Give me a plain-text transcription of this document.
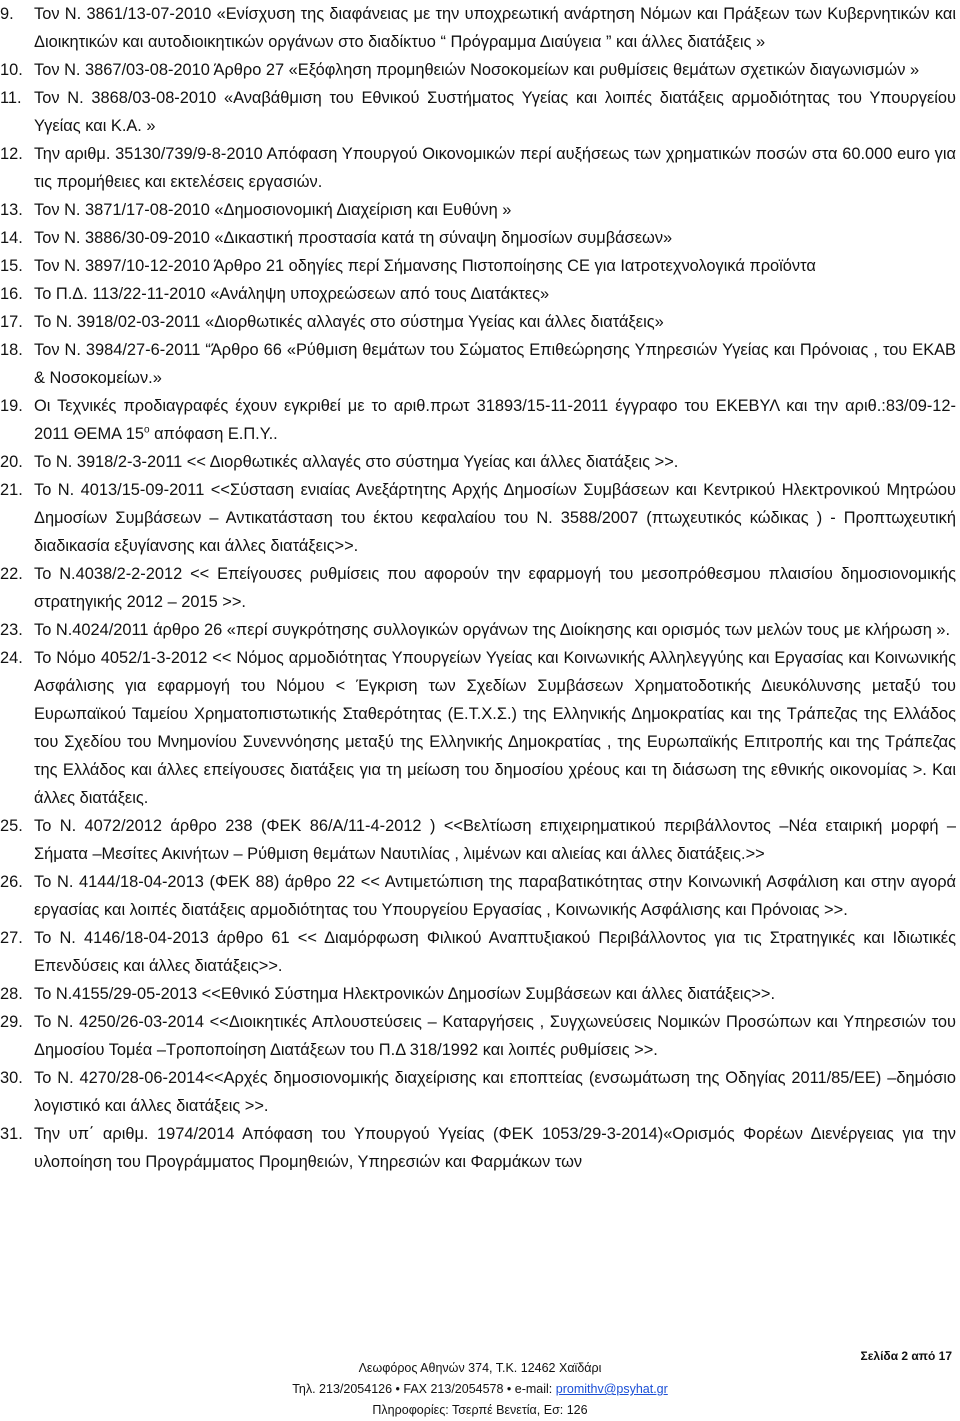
9.	Τον Ν. 3861/13-07-2010 «Ενίσχυση της διαφάνειας με την υποχρεωτική ανάρτηση Νόμων και Πράξεων των Κυβερνητικών και Διοικητικών και αυτοδιοικητικών οργάνων στο διαδίκτυο “ Πρόγραμμα Διαύγεια ” και άλλες διατάξεις »
10. Τον Ν. 3867/03-08-2010 Άρθρο 27 «Εξόφληση προμηθειών Νοσοκομείων και ρυθμίσεις θεμάτων σχετικών διαγωνισμών »
11. Τον Ν. 3868/03-08-2010 «Αναβάθμιση του Εθνικού Συστήματος Υγείας και λοιπές διατάξεις αρμοδιότητας του Υπουργείου Υγείας και Κ.Α. »
12. Την αριθμ. 35130/739/9-8-2010 Απόφαση Υπουργού Οικονομικών περί αυξήσεως των χρηματικών ποσών στα 60.000 euro για τις προμήθειες και εκτελέσεις εργασιών.
13. Τον Ν. 3871/17-08-2010 «Δημοσιονομική Διαχείριση και Ευθύνη »
14. Τον Ν. 3886/30-09-2010 «Δικαστική προστασία κατά τη σύναψη δημοσίων συμβάσεων»
15. Τον Ν. 3897/10-12-2010 Άρθρο 21 οδηγίες περί Σήμανσης Πιστοποίησης CE για Ιατροτεχνολογικά προϊόντα
16. Το Π.Δ. 113/22-11-2010 «Ανάληψη υποχρεώσεων από τους Διατάκτες»
17. Το Ν. 3918/02-03-2011 «Διορθωτικές αλλαγές στο σύστημα Υγείας και άλλες διατάξεις»
18. Τον Ν. 3984/27-6-2011 “Άρθρο 66 «Ρύθμιση θεμάτων του Σώματος Επιθεώρησης Υπηρεσιών Υγείας και Πρόνοιας , του ΕΚΑΒ & Νοσοκομείων.»
19. Οι Τεχνικές προδιαγραφές έχουν εγκριθεί με το αριθ.πρωτ 31893/15-11-2011 έγγραφο του ΕΚΕΒΥΛ και την αριθ.:83/09-12-2011 ΘΕΜΑ $15^o$ απόφαση Ε.Π.Υ..
20. Το Ν. 3918/2-3-2011 << Διορθωτικές αλλαγές στο σύστημα Υγείας και άλλες διατάξεις >>.
21. Το Ν. 4013/15-09-2011 <<Σύσταση ενιαίας Ανεξάρτητης Αρχής Δημοσίων Συμβάσεων και Κεντρικού Ηλεκτρονικού Μητρώου Δημοσίων Συμβάσεων – Αντικατάσταση του έκτου κεφαλαίου του Ν. 3588/2007 (πτωχευτικός κώδικας ) - Προπτωχευτική διαδικασία εξυγίανσης και άλλες διατάξεις>>.
22. Το Ν.4038/2-2-2012 << Επείγουσες ρυθμίσεις που αφορούν την εφαρμογή του μεσοπρόθεσμου πλαισίου δημοσιονομικής στρατηγικής 2012 – 2015 >>.
23. Το Ν.4024/2011 άρθρο 26 «περί συγκρότησης συλλογικών οργάνων της Διοίκησης και ορισμός των μελών τους με κλήρωση ».
24. Το Νόμο 4052/1-3-2012 << Νόμος αρμοδιότητας Υπουργείων Υγείας και Κοινωνικής Αλληλεγγύης και Εργασίας και Κοινωνικής Ασφάλισης για εφαρμογή του Νόμου < Έγκριση των Σχεδίων Συμβάσεων Χρηματοδοτικής Διευκόλυνσης μεταξύ του Ευρωπαϊκού Ταμείου Χρηματοπιστωτικής Σταθερότητας (Ε.Τ.Χ.Σ.) της Ελληνικής Δημοκρατίας και της Τράπεζας της Ελλάδος του Σχεδίου του Μνημονίου Συνεννόησης μεταξύ της Ελληνικής Δημοκρατίας , της Ευρωπαϊκής Επιτροπής και της Τράπεζας της Ελλάδος και άλλες επείγουσες διατάξεις για τη μείωση του δημοσίου χρέους και τη διάσωση της εθνικής οικονομίας >. Και άλλες διατάξεις.
25. Το Ν. 4072/2012 άρθρο 238 (ΦΕΚ 86/Α/11-4-2012 ) <<Βελτίωση επιχειρηματικού περιβάλλοντος –Νέα εταιρική μορφή – Σήματα –Μεσίτες Ακινήτων – Ρύθμιση θεμάτων Ναυτιλίας , λιμένων και αλιείας και άλλες διατάξεις.>>
26. Το Ν. 4144/18-04-2013 (ΦΕΚ 88) άρθρο 22 << Αντιμετώπιση της παραβατικότητας στην Κοινωνική Ασφάλιση και στην αγορά εργασίας και λοιπές διατάξεις αρμοδιότητας του Υπουργείου Εργασίας , Κοινωνικής Ασφάλισης και Πρόνοιας >>.
27. Το Ν. 4146/18-04-2013 άρθρο 61 << Διαμόρφωση Φιλικού Αναπτυξιακού Περιβάλλοντος για τις Στρατηγικές και Ιδιωτικές Επενδύσεις και άλλες διατάξεις>>.
28. Το Ν.4155/29-05-2013 <<Εθνικό Σύστημα Ηλεκτρονικών Δημοσίων Συμβάσεων και άλλες διατάξεις>>.
29. Το Ν. 4250/26-03-2014 <<Διοικητικές Απλουστεύσεις – Καταργήσεις , Συγχωνεύσεις Νομικών Προσώπων και Υπηρεσιών του Δημοσίου Τομέα –Τροποποίηση Διατάξεων του Π.Δ 318/1992 και λοιπές ρυθμίσεις >>.
30. Το Ν. 4270/28-06-2014<<Αρχές δημοσιονομικής διαχείρισης και εποπτείας (ενσωμάτωση της Οδηγίας 2011/85/ΕΕ) –δημόσιο λογιστικό και άλλες διατάξεις >>.
31. Την υπ΄ αριθμ. 1974/2014 Απόφαση του Υπουργού Υγείας (ΦΕΚ 1053/29-3-2014)«Ορισμός Φορέων Διενέργειας για την υλοποίηση του Προγράμματος Προμηθειών, Υπηρεσιών και Φαρμάκων των
Σελίδα 2 από 17
Λεωφόρος Αθηνών 374, Τ.Κ. 12462 Χαϊδάρι
Τηλ. 213/2054126 • FAX 213/2054578 • e-mail: promithv@psyhat.gr
Πληροφορίες: Τσερπέ Βενετία, Εσ: 126
